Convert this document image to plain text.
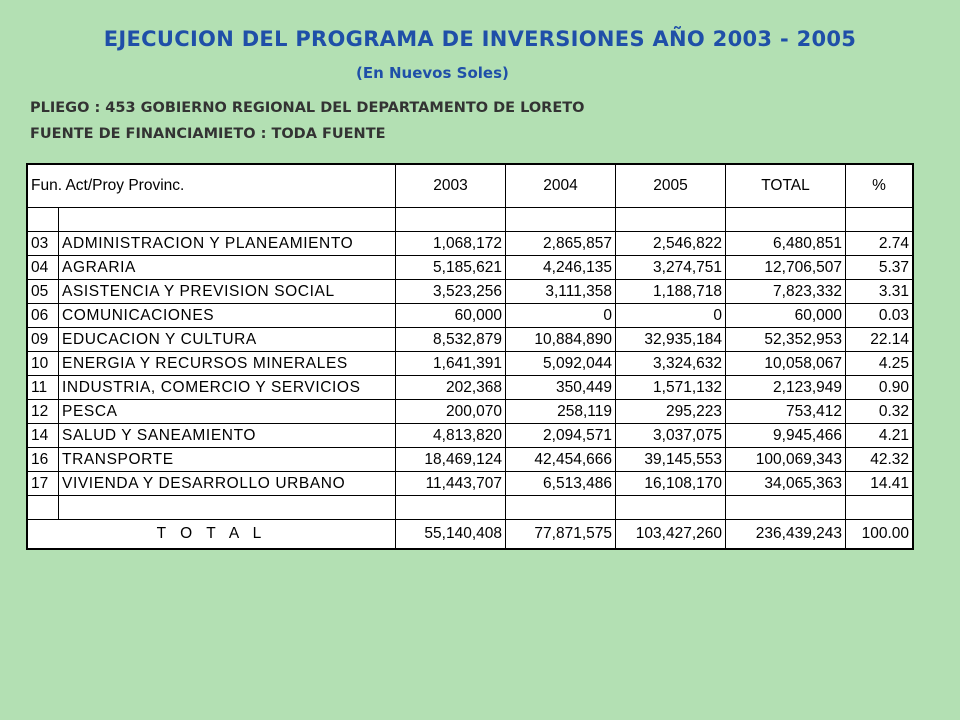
EJECUCION DEL PROGRAMA DE INVERSIONES AÑO 2003 - 2005
(En Nuevos Soles)
PLIEGO : 453 GOBIERNO REGIONAL DEL DEPARTAMENTO DE LORETO
FUENTE DE FINANCIAMIETO : TODA FUENTE
Fun. Act/Proy Provinc.		2003	2004	2005	TOTAL	%

03	ADMINISTRACION Y PLANEAMIENTO	1,068,172	2,865,857	2,546,822	6,480,851	2.74
04	AGRARIA	5,185,621	4,246,135	3,274,751	12,706,507	5.37
05	ASISTENCIA Y PREVISION SOCIAL	3,523,256	3,111,358	1,188,718	7,823,332	3.31
06	COMUNICACIONES	60,000	0	0	60,000	0.03
09	EDUCACION Y CULTURA	8,532,879	10,884,890	32,935,184	52,352,953	22.14
10	ENERGIA Y RECURSOS MINERALES	1,641,391	5,092,044	3,324,632	10,058,067	4.25
11	INDUSTRIA, COMERCIO Y SERVICIOS	202,368	350,449	1,571,132	2,123,949	0.90
12	PESCA	200,070	258,119	295,223	753,412	0.32
14	SALUD Y SANEAMIENTO	4,813,820	2,094,571	3,037,075	9,945,466	4.21
16	TRANSPORTE	18,469,124	42,454,666	39,145,553	100,069,343	42.32
17	VIVIENDA Y DESARROLLO URBANO	11,443,707	6,513,486	16,108,170	34,065,363	14.41

T O T A L		55,140,408	77,871,575	103,427,260	236,439,243	100.00
